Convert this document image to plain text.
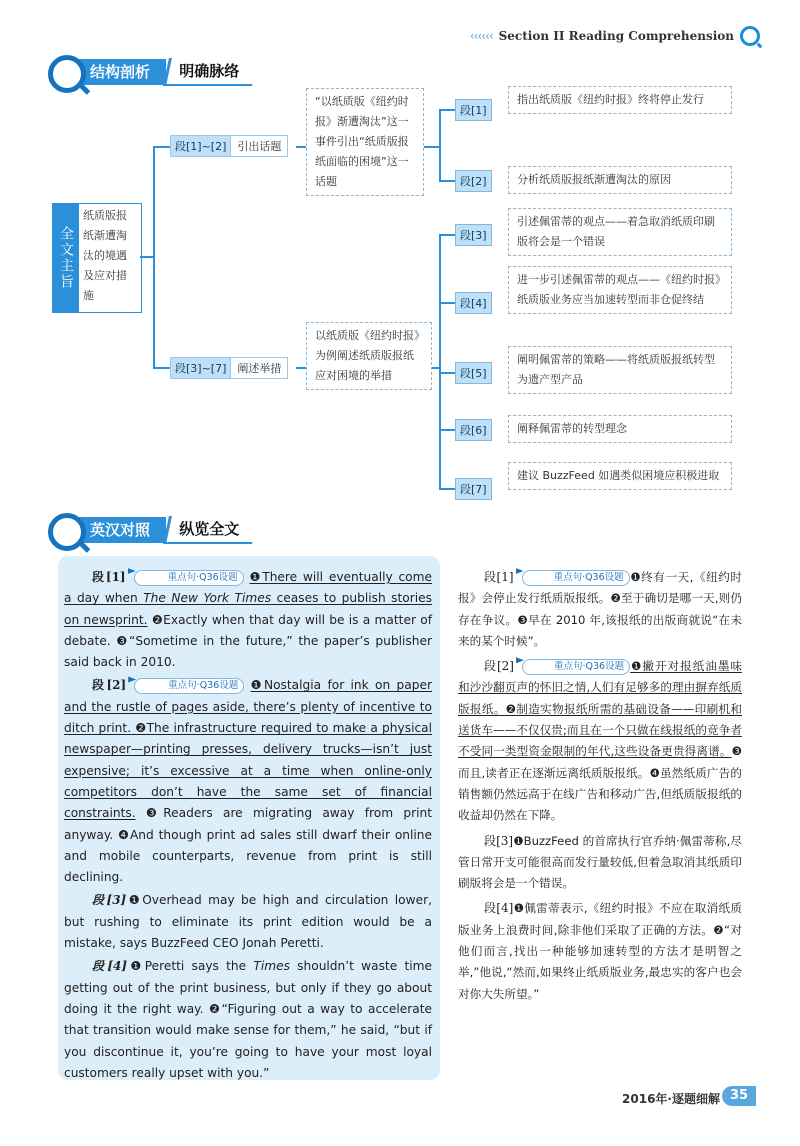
‹‹‹‹‹‹ Section II Reading Comprehension
结构剖析	明确脉络
全文主旨
纸质版报纸渐遭淘汰的境遇及应对措施
段[1]~[2]	引出话题
“以纸质版《纽约时报》渐遭淘汰”这一事件引出“纸质版报纸面临的困境”这一话题
段[3]~[7]	阐述举措
以纸质版《纽约时报》为例阐述纸质版报纸应对困境的举措
段[1]
指出纸质版《纽约时报》终将停止发行
段[2]	分析纸质版报纸渐遭淘汰的原因
段[3]
引述佩雷蒂的观点——着急取消纸质印刷版将会是一个错误
段[4]
进一步引述佩雷蒂的观点——《纽约时报》纸质版业务应当加速转型而非仓促终结
段[5]
阐明佩雷蒂的策略——将纸质版报纸转型为遗产型产品
段[6]	阐释佩雷蒂的转型理念
段[7]
建议 BuzzFeed 如遇类似困境应积极进取
英汉对照	纵览全文
段[1]	重点句·Q36设题 ❶There will eventually come a day when The New York Times ceases to publish stories on newsprint. ❷Exactly when that day will be is a matter of debate. ❸“Sometime in the future,” the paper’s publisher said back in 2010.
段[2]	重点句·Q36设题 ❶Nostalgia for ink on paper and the rustle of pages aside, there’s plenty of incentive to ditch print. ❷The infrastructure required to make a physical newspaper—printing presses, delivery trucks—isn’t just expensive; it’s excessive at a time when online-only competitors don’t have the same set of financial constraints. ❸Readers are migrating away from print anyway. ❹And though print ad sales still dwarf their online and mobile counterparts, revenue from print is still declining.
段[3]❶Overhead may be high and circulation lower, but rushing to eliminate its print edition would be a mistake, says BuzzFeed CEO Jonah Peretti.
段[4]❶Peretti says the Times shouldn’t waste time getting out of the print business, but only if they go about doing it the right way. ❷“Figuring out a way to accelerate that transition would make sense for them,” he said, “but if you discontinue it, you’re going to have your most loyal customers really upset with you.”
段[1]	重点句·Q36设题 ❶终有一天,《纽约时报》会停止发行纸质版报纸。❷至于确切是哪一天,则仍存在争议。❸早在 2010 年,该报纸的出版商就说“在未来的某个时候”。
段[2]	重点句·Q36设题 ❶撇开对报纸油墨味和沙沙翻页声的怀旧之情,人们有足够多的理由摒弃纸质版报纸。❷制造实物报纸所需的基础设备——印刷机和送货车——不仅仅贵;而且在一个只做在线报纸的竞争者不受同一类型资金限制的年代,这些设备更贵得离谱。❸而且,读者正在逐渐远离纸质版报纸。❹虽然纸质广告的销售额仍然远高于在线广告和移动广告,但纸质版报纸的收益却仍然在下降。
段[3]❶BuzzFeed 的首席执行官乔纳·佩雷蒂称,尽管日常开支可能很高而发行量较低,但着急取消其纸质印刷版将会是一个错误。
段[4]❶佩雷蒂表示,《纽约时报》不应在取消纸质版业务上浪费时间,除非他们采取了正确的方法。❷“对他们而言,找出一种能够加速转型的方法才是明智之举,”他说,“然而,如果终止纸质版业务,最忠实的客户也会对你大失所望。”
2016年·逐题细解 35
